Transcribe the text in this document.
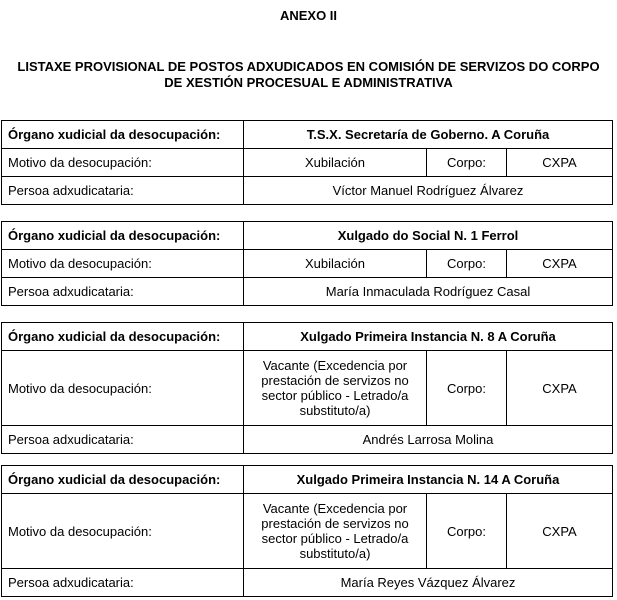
ANEXO II
LISTAXE PROVISIONAL DE POSTOS ADXUDICADOS EN COMISIÓN DE SERVIZOS DO CORPO
DE XESTIÓN PROCESUAL E ADMINISTRATIVA
Órgano xudicial da desocupación:	T.S.X. Secretaría de Goberno. A Coruña		
Motivo da desocupación:	Xubilación	Corpo:	CXPA
Persoa adxudicataria:	Víctor Manuel Rodríguez Álvarez		
Órgano xudicial da desocupación:	Xulgado do Social N. 1 Ferrol		
Motivo da desocupación:	Xubilación	Corpo:	CXPA
Persoa adxudicataria:	María Inmaculada Rodríguez Casal		
Órgano xudicial da desocupación:	Xulgado Primeira Instancia N. 8 A Coruña		
Motivo da desocupación:	Vacante (Excedencia por prestación de servizos no sector público - Letrado/a substituto/a)	Corpo:	CXPA
Persoa adxudicataria:	Andrés Larrosa Molina		
Órgano xudicial da desocupación:	Xulgado Primeira Instancia N. 14 A Coruña		
Motivo da desocupación:	Vacante (Excedencia por prestación de servizos no sector público - Letrado/a substituto/a)	Corpo:	CXPA
Persoa adxudicataria:	María Reyes Vázquez Álvarez		
